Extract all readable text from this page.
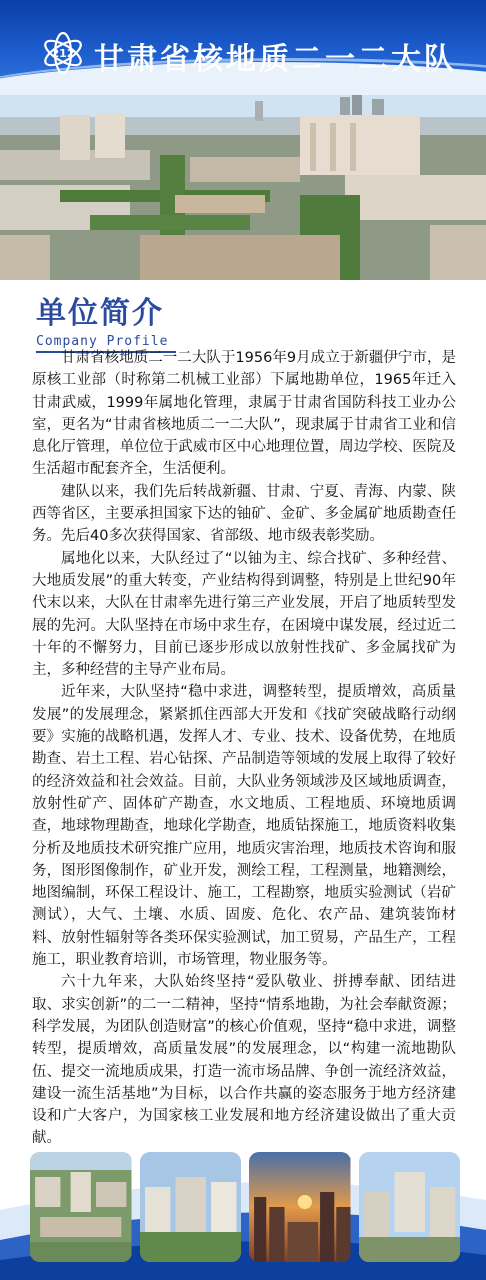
212 甘肃省核地质二一二大队
单位简介
Company Profile

甘肃省核地质二一二大队于1956年9月成立于新疆伊宁市，是原核工业部（时称第二机械工业部）下属地勘单位，1965年迁入甘肃武威，1999年属地化管理，隶属于甘肃省国防科技工业办公室，更名为“甘肃省核地质二一二大队”，现隶属于甘肃省工业和信息化厅管理，单位位于武威市区中心地理位置，周边学校、医院及生活超市配套齐全，生活便利。

建队以来，我们先后转战新疆、甘肃、宁夏、青海、内蒙、陕西等省区，主要承担国家下达的铀矿、金矿、多金属矿地质勘查任务。先后40多次获得国家、省部级、地市级表彰奖励。

属地化以来，大队经过了“以铀为主、综合找矿、多种经营、大地质发展”的重大转变，产业结构得到调整，特别是上世纪90年代末以来，大队在甘肃率先进行第三产业发展，开启了地质转型发展的先河。大队坚持在市场中求生存，在困境中谋发展，经过近二十年的不懈努力，目前已逐步形成以放射性找矿、多金属找矿为主，多种经营的主导产业布局。

近年来，大队坚持“稳中求进，调整转型，提质增效，高质量发展”的发展理念，紧紧抓住西部大开发和《找矿突破战略行动纲要》实施的战略机遇，发挥人才、专业、技术、设备优势，在地质勘查、岩土工程、岩心钻探、产品制造等领域的发展上取得了较好的经济效益和社会效益。目前，大队业务领域涉及区域地质调查，放射性矿产、固体矿产勘查，水文地质、工程地质、环境地质调查，地球物理勘查，地球化学勘查，地质钻探施工，地质资料收集分析及地质技术研究推广应用，地质灾害治理，地质技术咨询和服务，图形图像制作，矿业开发，测绘工程，工程测量，地籍测绘，地图编制，环保工程设计、施工，工程勘察，地质实验测试（岩矿测试），大气、土壤、水质、固废、危化、农产品、建筑装饰材料、放射性辐射等各类环保实验测试，加工贸易，产品生产，工程施工，职业教育培训，市场管理，物业服务等。

六十九年来，大队始终坚持“爱队敬业、拼搏奉献、团结进取、求实创新”的二一二精神，坚持“情系地勘，为社会奉献资源；科学发展，为团队创造财富”的核心价值观，坚持“稳中求进，调整转型，提质增效，高质量发展”的发展理念，以“构建一流地勘队伍、提交一流地质成果，打造一流市场品牌、争创一流经济效益，建设一流生活基地”为目标，以合作共赢的姿态服务于地方经济建设和广大客户，为国家核工业发展和地方经济建设做出了重大贡献。
